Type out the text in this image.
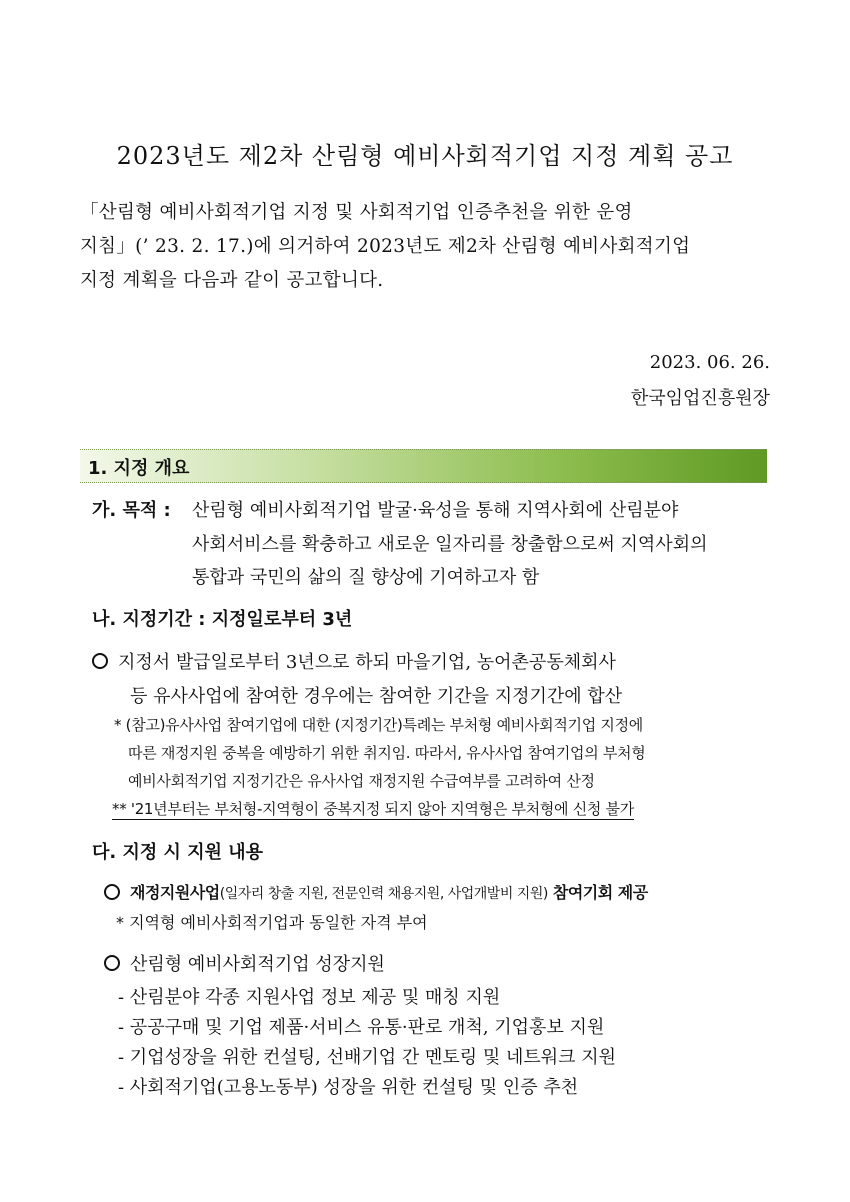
2023년도 제2차 산림형 예비사회적기업 지정 계획 공고
「산림형 예비사회적기업 지정 및 사회적기업 인증추천을 위한 운영
지침」(’ 23. 2. 17.)에 의거하여 2023년도 제2차 산림형 예비사회적기업
지정 계획을 다음과 같이 공고합니다.
2023. 06. 26.
한국임업진흥원장
1. 지정 개요
가. 목적 : 산림형 예비사회적기업 발굴·육성을 통해 지역사회에 산림분야
사회서비스를 확충하고 새로운 일자리를 창출함으로써 지역사회의
통합과 국민의 삶의 질 향상에 기여하고자 함
나. 지정기간 : 지정일로부터 3년
지정서 발급일로부터 3년으로 하되 마을기업, 농어촌공동체회사
등 유사사업에 참여한 경우에는 참여한 기간을 지정기간에 합산
* (참고)유사사업 참여기업에 대한 (지정기간)특례는 부처형 예비사회적기업 지정에
따른 재정지원 중복을 예방하기 위한 취지임. 따라서, 유사사업 참여기업의 부처형
예비사회적기업 지정기간은 유사사업 재정지원 수급여부를 고려하여 산정
** '21년부터는 부처형-지역형이 중복지정 되지 않아 지역형은 부처형에 신청 불가
다. 지정 시 지원 내용
재정지원사업(일자리 창출 지원, 전문인력 채용지원, 사업개발비 지원) 참여기회 제공
* 지역형 예비사회적기업과 동일한 자격 부여
산림형 예비사회적기업 성장지원
- 산림분야 각종 지원사업 정보 제공 및 매칭 지원
- 공공구매 및 기업 제품·서비스 유통·판로 개척, 기업홍보 지원
- 기업성장을 위한 컨설팅, 선배기업 간 멘토링 및 네트워크 지원
- 사회적기업(고용노동부) 성장을 위한 컨설팅 및 인증 추천
